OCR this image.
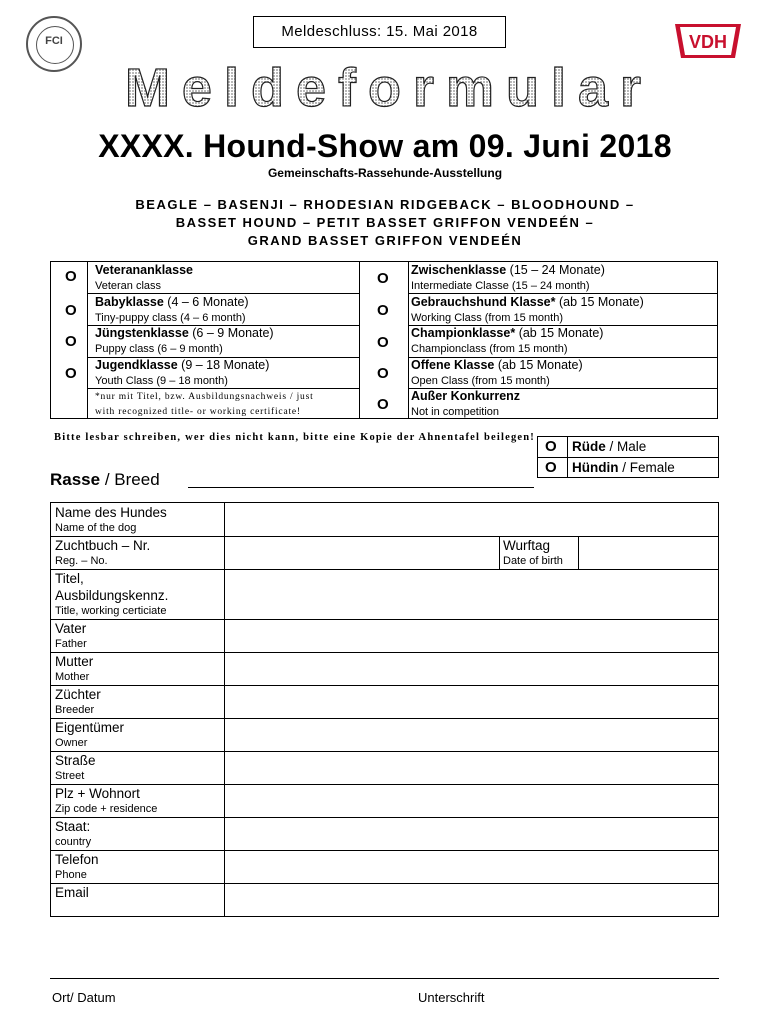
FCI
Meldeschluss: 15. Mai 2018
VDH
Meldeformular
XXXX. Hound-Show am 09. Juni 2018
Gemeinschafts-Rassehunde-Ausstellung
BEAGLE – BASENJI – RHODESIAN RIDGEBACK – BLOODHOUND –
BASSET HOUND – PETIT BASSET GRIFFON VENDEÉN –
GRAND BASSET GRIFFON VENDEÉN
O
O
O
O
Veterananklasse
Veteran class
Babyklasse (4 – 6 Monate)
Tiny-puppy class (4 – 6 month)
Jüngstenklasse (6 – 9 Monate)
Puppy class (6 – 9 month)
Jugendklasse (9 – 18 Monate)
Youth Class (9 – 18 month)
*nur mit Titel, bzw. Ausbildungsnachweis / just
with recognized title- or working certificate!
O
O
O
O
O
Zwischenklasse (15 – 24 Monate)
Intermediate Classe (15 – 24 month)
Gebrauchshund Klasse* (ab 15 Monate)
Working Class (from 15 month)
Championklasse* (ab 15 Monate)
Championclass (from 15 month)
Offene Klasse (ab 15 Monate)
Open Class (from 15 month)
Außer Konkurrenz
Not in competition
Bitte lesbar schreiben, wer dies nicht kann, bitte eine Kopie der Ahnentafel beilegen!
O
O
Rüde / Male
Hündin / Female
Rasse / Breed
Name des Hundes
Name of the dog
Zuchtbuch – Nr.
Reg. – No.
Wurftag
Date of birth
Titel,
Ausbildungskennz.
Title, working certiciate
Vater
Father
Mutter
Mother
Züchter
Breeder
Eigentümer
Owner
Straße
Street
Plz + Wohnort
Zip code + residence
Staat:
country
Telefon
Phone
Email
Ort/ Datum	Unterschrift
